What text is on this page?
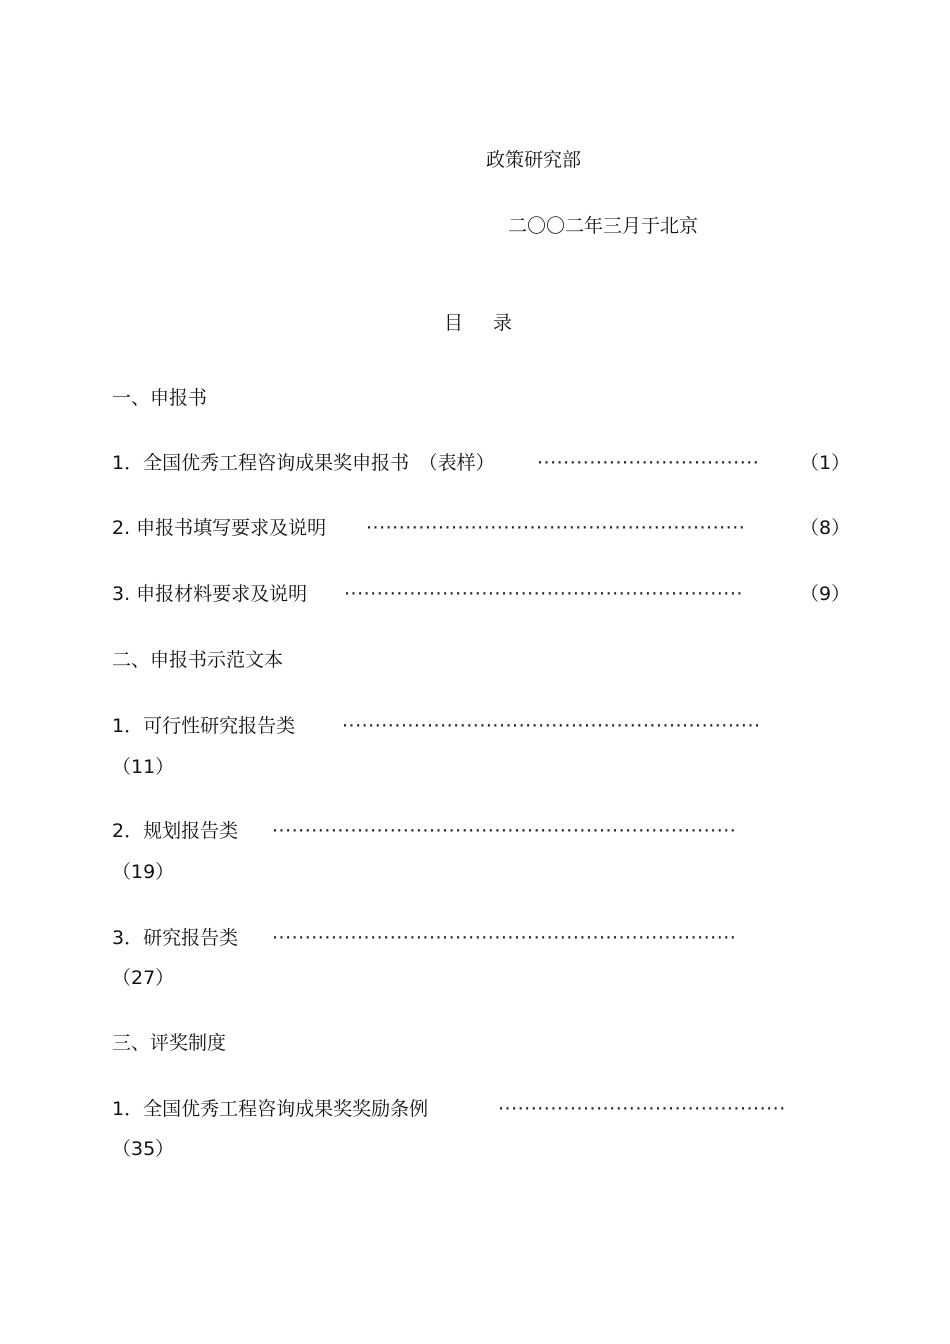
政策研究部
二〇〇二年三月于北京
目 录
一、申报书
1．全国优秀工程咨询成果奖申报书　（表样） ··································	（1）
2. 申报书填写要求及说明 ··························································	（8）
3. 申报材料要求及说明 ·····························································	（9）
二、申报书示范文本
1．可行性研究报告类 ································································
（11）
2．规划报告类 ·······································································
（19）
3．研究报告类 ·······································································
（27）
三、评奖制度
1．全国优秀工程咨询成果奖奖励条例	············································
（35）
